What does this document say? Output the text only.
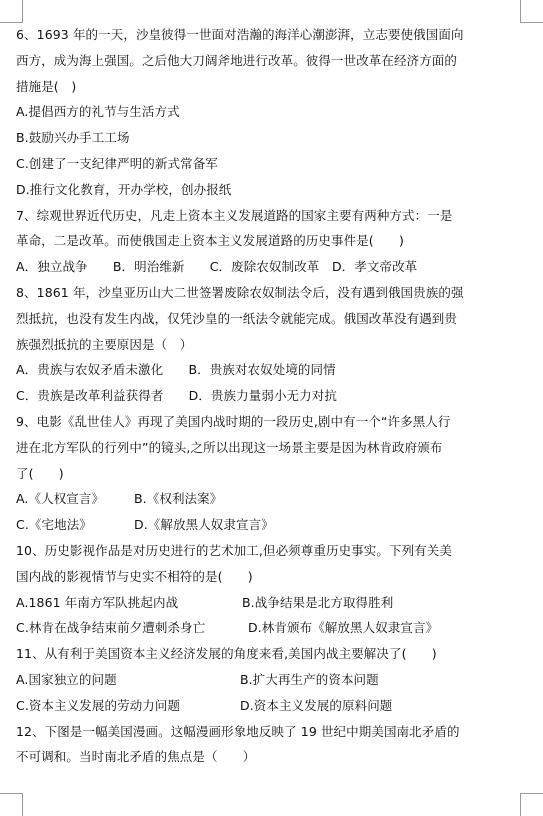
6、1693 年的一天，沙皇彼得一世面对浩瀚的海洋心潮澎湃，立志要使俄国面向
西方，成为海上强国。之后他大刀阔斧地进行改革。彼得一世改革在经济方面的
措施是(　)
A.提倡西方的礼节与生活方式
B.鼓励兴办手工工场
C.创建了一支纪律严明的新式常备军
D.推行文化教育，开办学校，创办报纸
7、综观世界近代历史，凡走上资本主义发展道路的国家主要有两种方式：一是
革命，二是改革。而使俄国走上资本主义发展道路的历史事件是(　　)
A．独立战争　　B．明治维新　　C．废除农奴制改革　D．孝文帝改革
8、1861 年，沙皇亚历山大二世签署废除农奴制法令后，没有遇到俄国贵族的强
烈抵抗，也没有发生内战，仅凭沙皇的一纸法令就能完成。俄国改革没有遇到贵
族强烈抵抗的主要原因是（　）
A．贵族与农奴矛盾未激化　　B．贵族对农奴处境的同情
C．贵族是改革利益获得者　　D．贵族力量弱小无力对抗
9、电影《乱世佳人》再现了美国内战时期的一段历史,剧中有一个“许多黑人行
进在北方军队的行列中”的镜头,之所以出现这一场景主要是因为林肯政府颁布
了(　　)
A.《人权宣言》	B.《权利法案》
C.《宅地法》	D.《解放黑人奴隶宣言》
10、历史影视作品是对历史进行的艺术加工,但必须尊重历史事实。下列有关美
国内战的影视情节与史实不相符的是(　　)
A.1861 年南方军队挑起内战	B.战争结果是北方取得胜利
C.林肯在战争结束前夕遭刺杀身亡	D.林肯颁布《解放黑人奴隶宣言》
11、从有利于美国资本主义经济发展的角度来看,美国内战主要解决了(　　)
A.国家独立的问题	B.扩大再生产的资本问题
C.资本主义发展的劳动力问题	D.资本主义发展的原料问题
12、下图是一幅美国漫画。这幅漫画形象地反映了 19 世纪中期美国南北矛盾的
不可调和。当时南北矛盾的焦点是（　　）
